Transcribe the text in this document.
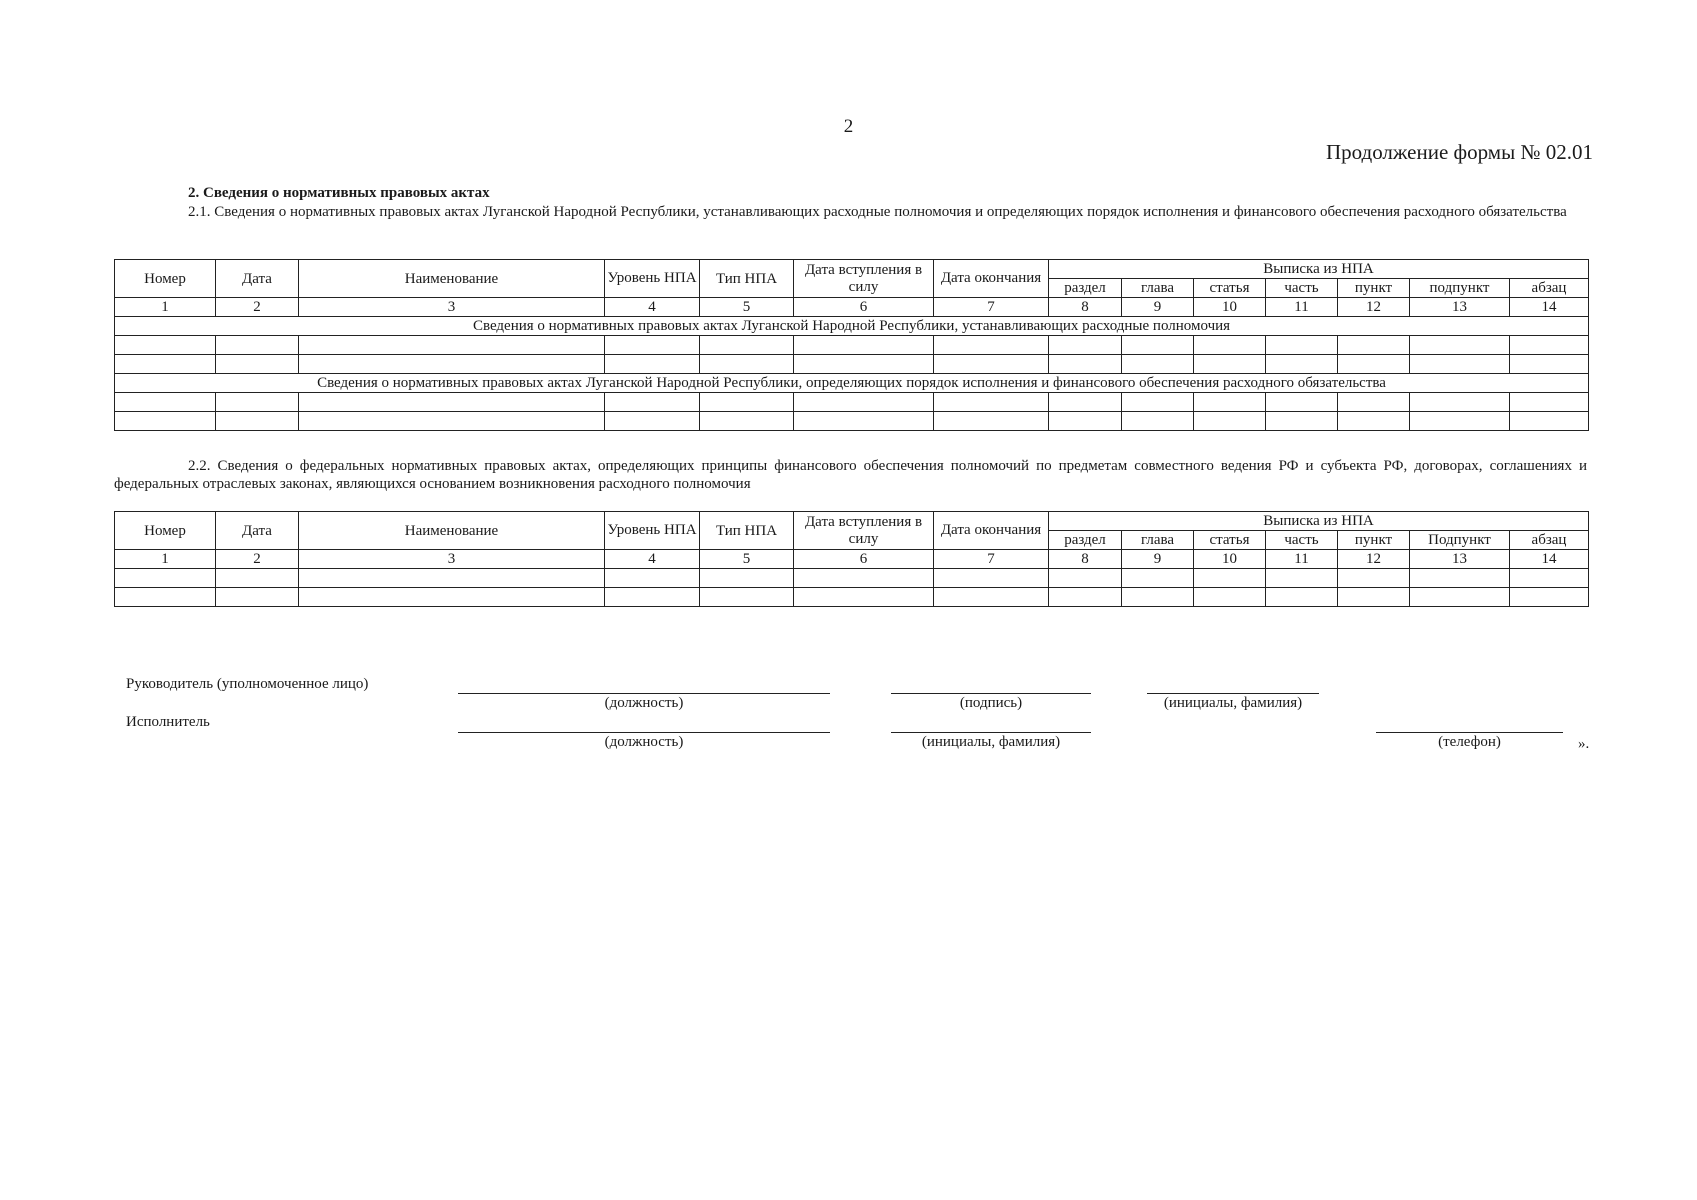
2
Продолжение формы № 02.01
2. Сведения о нормативных правовых актах
2.1. Сведения о нормативных правовых актах Луганской Народной Республики, устанавливающих расходные полномочия и определяющих порядок исполнения и финансового обеспечения расходного обязательства
Номер	Дата	Наименование	Уровень НПА	Тип НПА	Дата вступления в силу	Дата окончания	Выписка из НПА						
							раздел	глава	статья	часть	пункт	подпункт	абзац
1	2	3	4	5	6	7	8	9	10	11	12	13	14
Сведения о нормативных правовых актах Луганской Народной Республики, устанавливающих расходные полномочия													

Сведения о нормативных правовых актах Луганской Народной Республики, определяющих порядок исполнения и финансового обеспечения расходного обязательства													

2.2. Сведения о федеральных нормативных правовых актах, определяющих принципы финансового обеспечения полномочий по предметам совместного ведения РФ и субъекта РФ, договорах, соглашениях и федеральных отраслевых законах, являющихся основанием возникновения расходного полномочия
Номер	Дата	Наименование	Уровень НПА	Тип НПА	Дата вступления в силу	Дата окончания	Выписка из НПА						
							раздел	глава	статья	часть	пункт	Подпункт	абзац
1	2	3	4	5	6	7	8	9	10	11	12	13	14

Руководитель (уполномоченное лицо)
(должность)	(подпись)	(инициалы, фамилия)
Исполнитель
(должность)	(инициалы, фамилия)	(телефон)	».
